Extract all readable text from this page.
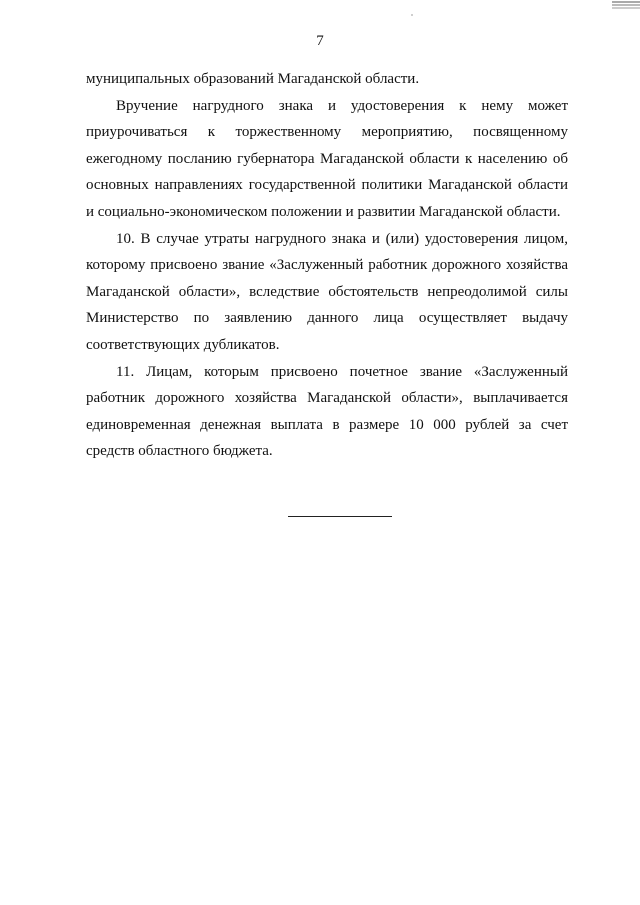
7

муниципальных образований Магаданской области.

Вручение нагрудного знака и удостоверения к нему может приурочиваться к торжественному мероприятию, посвященному ежегодному посланию губернатора Магаданской области к населению об основных направлениях государственной политики Магаданской области и социально-экономическом положении и развитии Магаданской области.

10. В случае утраты нагрудного знака и (или) удостоверения лицом, которому присвоено звание «Заслуженный работник дорожного хозяйства Магаданской области», вследствие обстоятельств непреодолимой силы Министерство по заявлению данного лица осуществляет выдачу соответствующих дубликатов.

11. Лицам, которым присвоено почетное звание «Заслуженный работник дорожного хозяйства Магаданской области», выплачивается единовременная денежная выплата в размере 10 000 рублей за счет средств областного бюджета.
